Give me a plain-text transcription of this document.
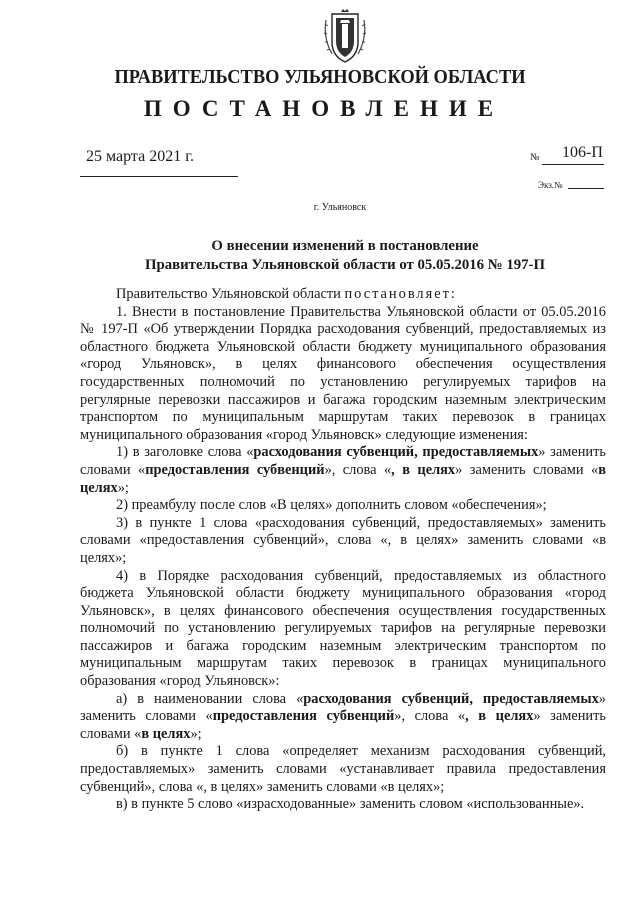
ПРАВИТЕЛЬСТВО УЛЬЯНОВСКОЙ ОБЛАСТИ
ПОСТАНОВЛЕНИЕ
25 марта 2021 г.	№ 106-П
Экз.№
г. Ульяновск
О внесении изменений в постановление
Правительства Ульяновской области от 05.05.2016 № 197-П

Правительство Ульяновской области постановляет:

1. Внести в постановление Правительства Ульяновской области от 05.05.2016 № 197-П «Об утверждении Порядка расходования субвенций, предоставляемых из областного бюджета Ульяновской области бюджету муниципального образования «город Ульяновск», в целях финансового обеспечения осуществления государственных полномочий по установлению регулируемых тарифов на регулярные перевозки пассажиров и багажа городским наземным электрическим транспортом по муниципальным маршрутам таких перевозок в границах муниципального образования «город Ульяновск» следующие изменения:

1) в заголовке слова «расходования субвенций, предоставляемых» заменить словами «предоставления субвенций», слова «, в целях» заменить словами «в целях»;

2) преамбулу после слов «В целях» дополнить словом «обеспечения»;

3) в пункте 1 слова «расходования субвенций, предоставляемых» заменить словами «предоставления субвенций», слова «, в целях» заменить словами «в целях»;

4) в Порядке расходования субвенций, предоставляемых из областного бюджета Ульяновской области бюджету муниципального образования «город Ульяновск», в целях финансового обеспечения осуществления государственных полномочий по установлению регулируемых тарифов на регулярные перевозки пассажиров и багажа городским наземным электрическим транспортом по муниципальным маршрутам таких перевозок в границах муниципального образования «город Ульяновск»:

а) в наименовании слова «расходования субвенций, предоставляемых» заменить словами «предоставления субвенций», слова «, в целях» заменить словами «в целях»;

б) в пункте 1 слова «определяет механизм расходования субвенций, предоставляемых» заменить словами «устанавливает правила предоставления субвенций», слова «, в целях» заменить словами «в целях»;

в) в пункте 5 слово «израсходованные» заменить словом «использованные».
